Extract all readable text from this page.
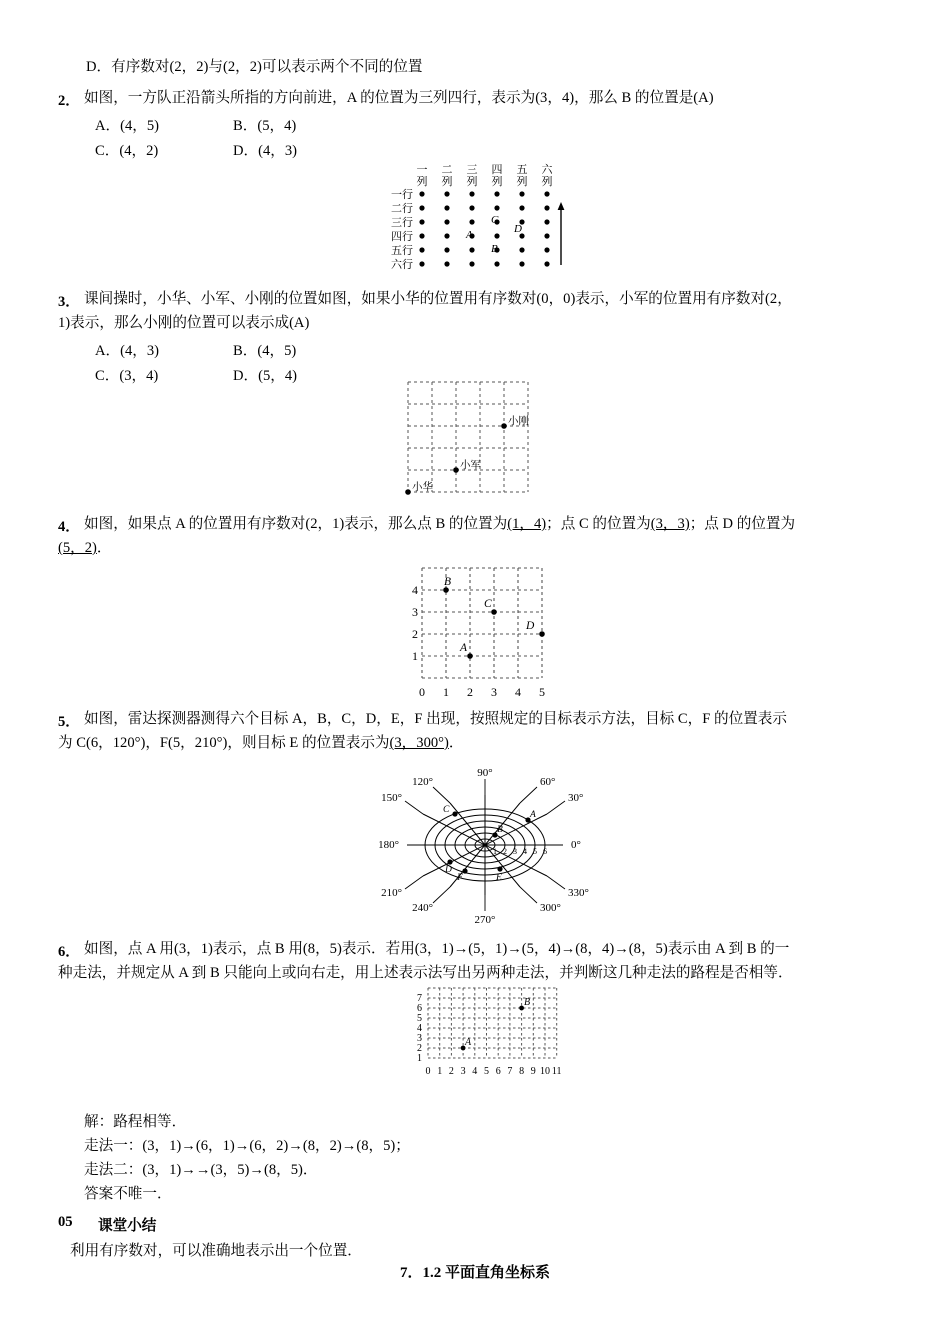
D．有序数对(2，2)与(2，2)可以表示两个不同的位置
2． 如图，一方队正沿箭头所指的方向前进，A 的位置为三列四行，表示为(3，4)，那么 B 的位置是(A)
A．(4，5)	B．(5，4)
C．(4，2)	D．(4，3)
一
列
二
列
三
列
四
列
五
列
六
列
一行
二行
三行
四行
五行
六行
C
D
A
B
3． 课间操时，小华、小军、小刚的位置如图，如果小华的位置用有序数对(0，0)表示，小军的位置用有序数对(2，
1)表示，那么小刚的位置可以表示成(A)
A．(4，3)	B．(4，5)
C．(3，4)	D．(5，4)
小华
小军
小刚
4． 如图，如果点 A 的位置用有序数对(2，1)表示，那么点 B 的位置为(1，4)；点 C 的位置为(3，3)；点 D 的位置为
(5，2)．
B
C
D
A
1
2
3
4
0 1 2 3 4 5
5． 如图，雷达探测器测得六个目标 A，B，C，D，E，F 出现，按照规定的目标表示方法，目标 C，F 的位置表示
为 C(6，120°)，F(5，210°)，则目标 E 的位置表示为(3，300°)．
A
B
C
D
E
F
1 2 3 4 5 6
0°
30°
60°
90°
120°
150°
180°
210°
240°
270°
300°
330°
6． 如图，点 A 用(3，1)表示，点 B 用(8，5)表示．若用(3，1)→(5，1)→(5，4)→(8，4)→(8，5)表示由 A 到 B 的一
种走法，并规定从 A 到 B 只能向上或向右走，用上述表示法写出另两种走法，并判断这几种走法的路程是否相等．
A
B
1
2
3
4
5
6
7
0 1 2 3 4 5 6 7 8 9 10 11
解：路程相等．
走法一：(3，1)→(6，1)→(6，2)→(8，2)→(8，5)；
走法二：(3，1)→→(3，5)→(8，5)．
答案不唯一．
05 课堂小结
利用有序数对，可以准确地表示出一个位置．
7．1.2 平面直角坐标系
